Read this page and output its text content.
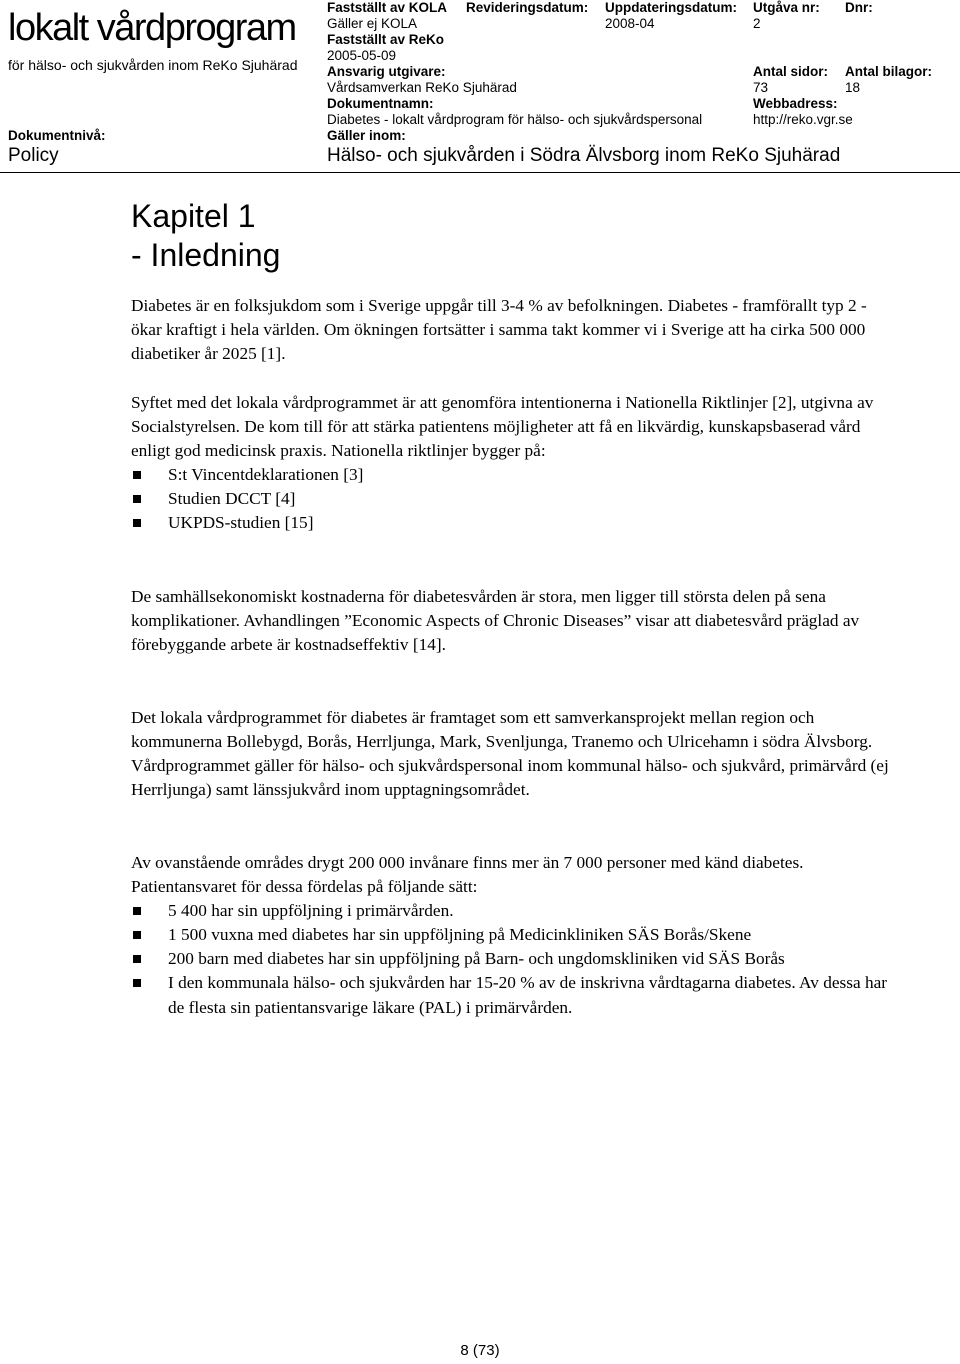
lokalt vårdprogram
för hälso- och sjukvården inom ReKo Sjuhärad
Fastställt av KOLA
Gäller ej KOLA
Fastställt av ReKo
2005-05-09
Revideringsdatum: Uppdateringsdatum:
2008-04
Utgåva nr:
2
Dnr:
Ansvarig utgivare:
Vårdsamverkan ReKo Sjuhärad
Antal sidor:
73
Antal bilagor:
18
Dokumentnamn:
Diabetes - lokalt vårdprogram för hälso- och sjukvårdspersonal
Webbadress:
http://reko.vgr.se
Dokumentnivå:
Policy
Gäller inom:
Hälso- och sjukvården i Södra Älvsborg inom ReKo Sjuhärad
Kapitel 1
- Inledning

Diabetes är en folksjukdom som i Sverige uppgår till 3-4 % av befolkningen. Diabetes - framförallt typ 2 - ökar kraftigt i hela världen. Om ökningen fortsätter i samma takt kommer vi i Sverige att ha cirka 500 000 diabetiker år 2025 [1].

Syftet med det lokala vårdprogrammet är att genomföra intentionerna i Nationella Riktlinjer [2], utgivna av Socialstyrelsen. De kom till för att stärka patientens möjligheter att få en likvärdig, kunskapsbaserad vård enligt god medicinsk praxis. Nationella riktlinjer bygger på:

S:t Vincentdeklarationen [3]
Studien DCCT [4]
UKPDS-studien [15]

De samhällsekonomiskt kostnaderna för diabetesvården är stora, men ligger till största delen på sena komplikationer. Avhandlingen ”Economic Aspects of Chronic Diseases” visar att diabetesvård präglad av förebyggande arbete är kostnadseffektiv [14].

Det lokala vårdprogrammet för diabetes är framtaget som ett samverkansprojekt mellan region och kommunerna Bollebygd, Borås, Herrljunga, Mark, Svenljunga, Tranemo och Ulricehamn i södra Älvsborg. Vårdprogrammet gäller för hälso- och sjukvårdspersonal inom kommunal hälso- och sjukvård, primärvård (ej Herrljunga) samt länssjukvård inom upptagningsområdet.

Av ovanstående områdes drygt 200 000 invånare finns mer än 7 000 personer med känd diabetes. Patientansvaret för dessa fördelas på följande sätt:

5 400 har sin uppföljning i primärvården.
1 500 vuxna med diabetes har sin uppföljning på Medicinkliniken SÄS Borås/Skene
200 barn med diabetes har sin uppföljning på Barn- och ungdomskliniken vid SÄS Borås
I den kommunala hälso- och sjukvården har 15-20 % av de inskrivna vårdtagarna diabetes. Av dessa har de flesta sin patientansvarige läkare (PAL) i primärvården.
8 (73)
